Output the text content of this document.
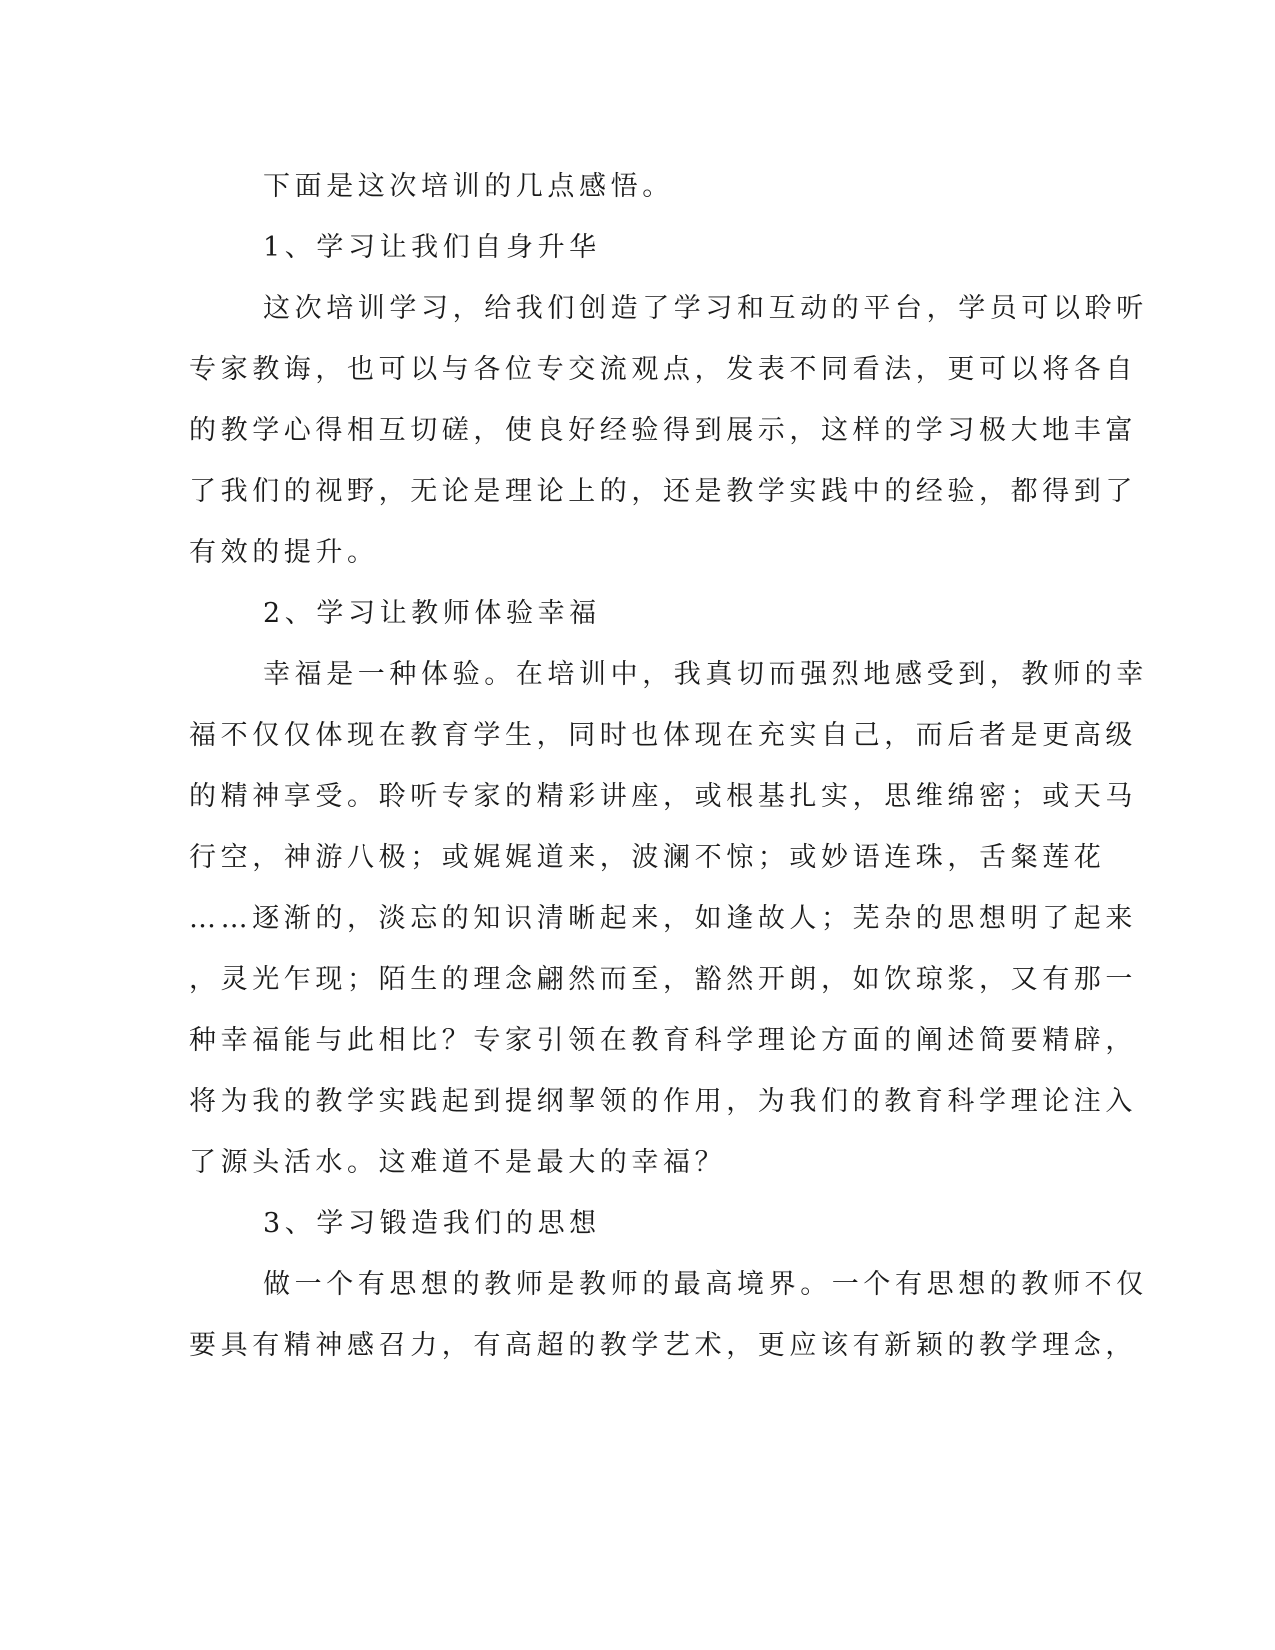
下面是这次培训的几点感悟。
1、学习让我们自身升华
这次培训学习，给我们创造了学习和互动的平台，学员可以聆听
专家教诲，也可以与各位专交流观点，发表不同看法，更可以将各自
的教学心得相互切磋，使良好经验得到展示，这样的学习极大地丰富
了我们的视野，无论是理论上的，还是教学实践中的经验，都得到了
有效的提升。
2、学习让教师体验幸福
幸福是一种体验。在培训中，我真切而强烈地感受到，教师的幸
福不仅仅体现在教育学生，同时也体现在充实自己，而后者是更高级
的精神享受。聆听专家的精彩讲座，或根基扎实，思维绵密；或天马
行空，神游八极；或娓娓道来，波澜不惊；或妙语连珠，舌粲莲花
……逐渐的，淡忘的知识清晰起来，如逢故人；芜杂的思想明了起来
，灵光乍现；陌生的理念翩然而至，豁然开朗，如饮琼浆，又有那一
种幸福能与此相比？专家引领在教育科学理论方面的阐述简要精辟，
将为我的教学实践起到提纲挈领的作用，为我们的教育科学理论注入
了源头活水。这难道不是最大的幸福？
3、学习锻造我们的思想
做一个有思想的教师是教师的最高境界。一个有思想的教师不仅
要具有精神感召力，有高超的教学艺术，更应该有新颖的教学理念，
